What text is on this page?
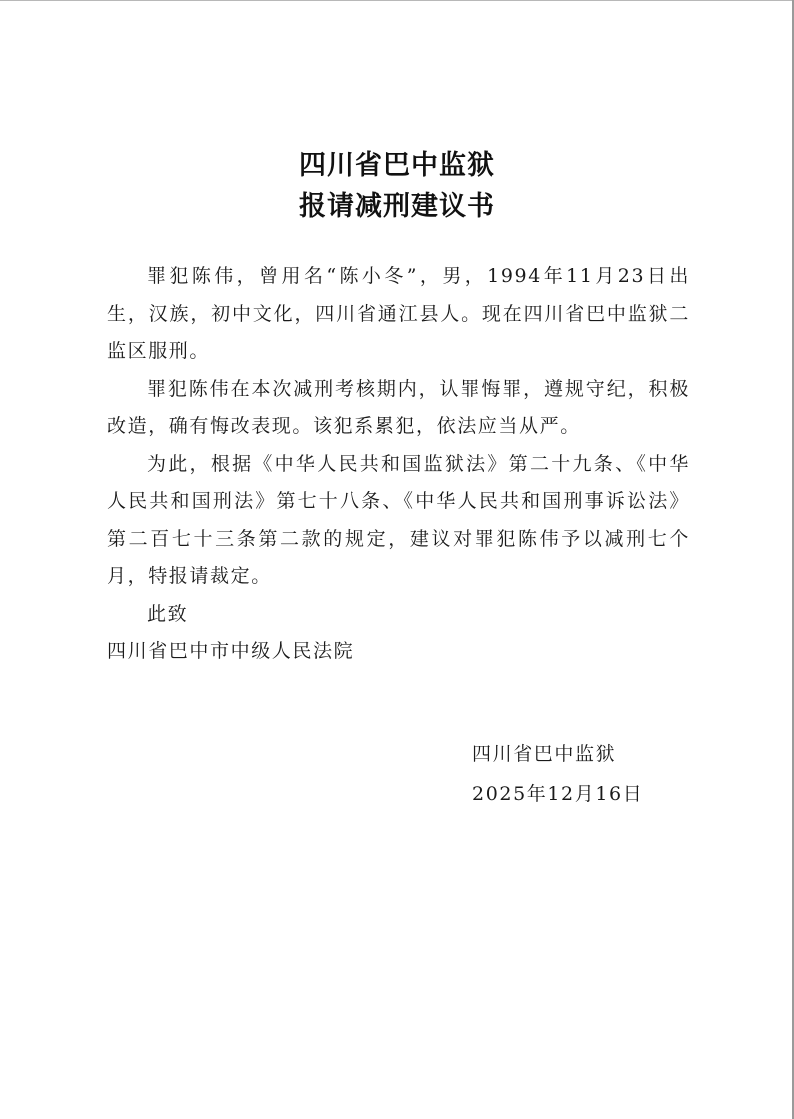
四川省巴中监狱
报请减刑建议书

罪犯陈伟，曾用名“陈小冬”，男，1994年11月23日出生，汉族，初中文化，四川省通江县人。现在四川省巴中监狱二监区服刑。

罪犯陈伟在本次减刑考核期内，认罪悔罪，遵规守纪，积极改造，确有悔改表现。该犯系累犯，依法应当从严。

为此，根据《中华人民共和国监狱法》第二十九条、《中华人民共和国刑法》第七十八条、《中华人民共和国刑事诉讼法》第二百七十三条第二款的规定，建议对罪犯陈伟予以减刑七个月，特报请裁定。

此致

四川省巴中市中级人民法院

四川省巴中监狱
2025年12月16日
